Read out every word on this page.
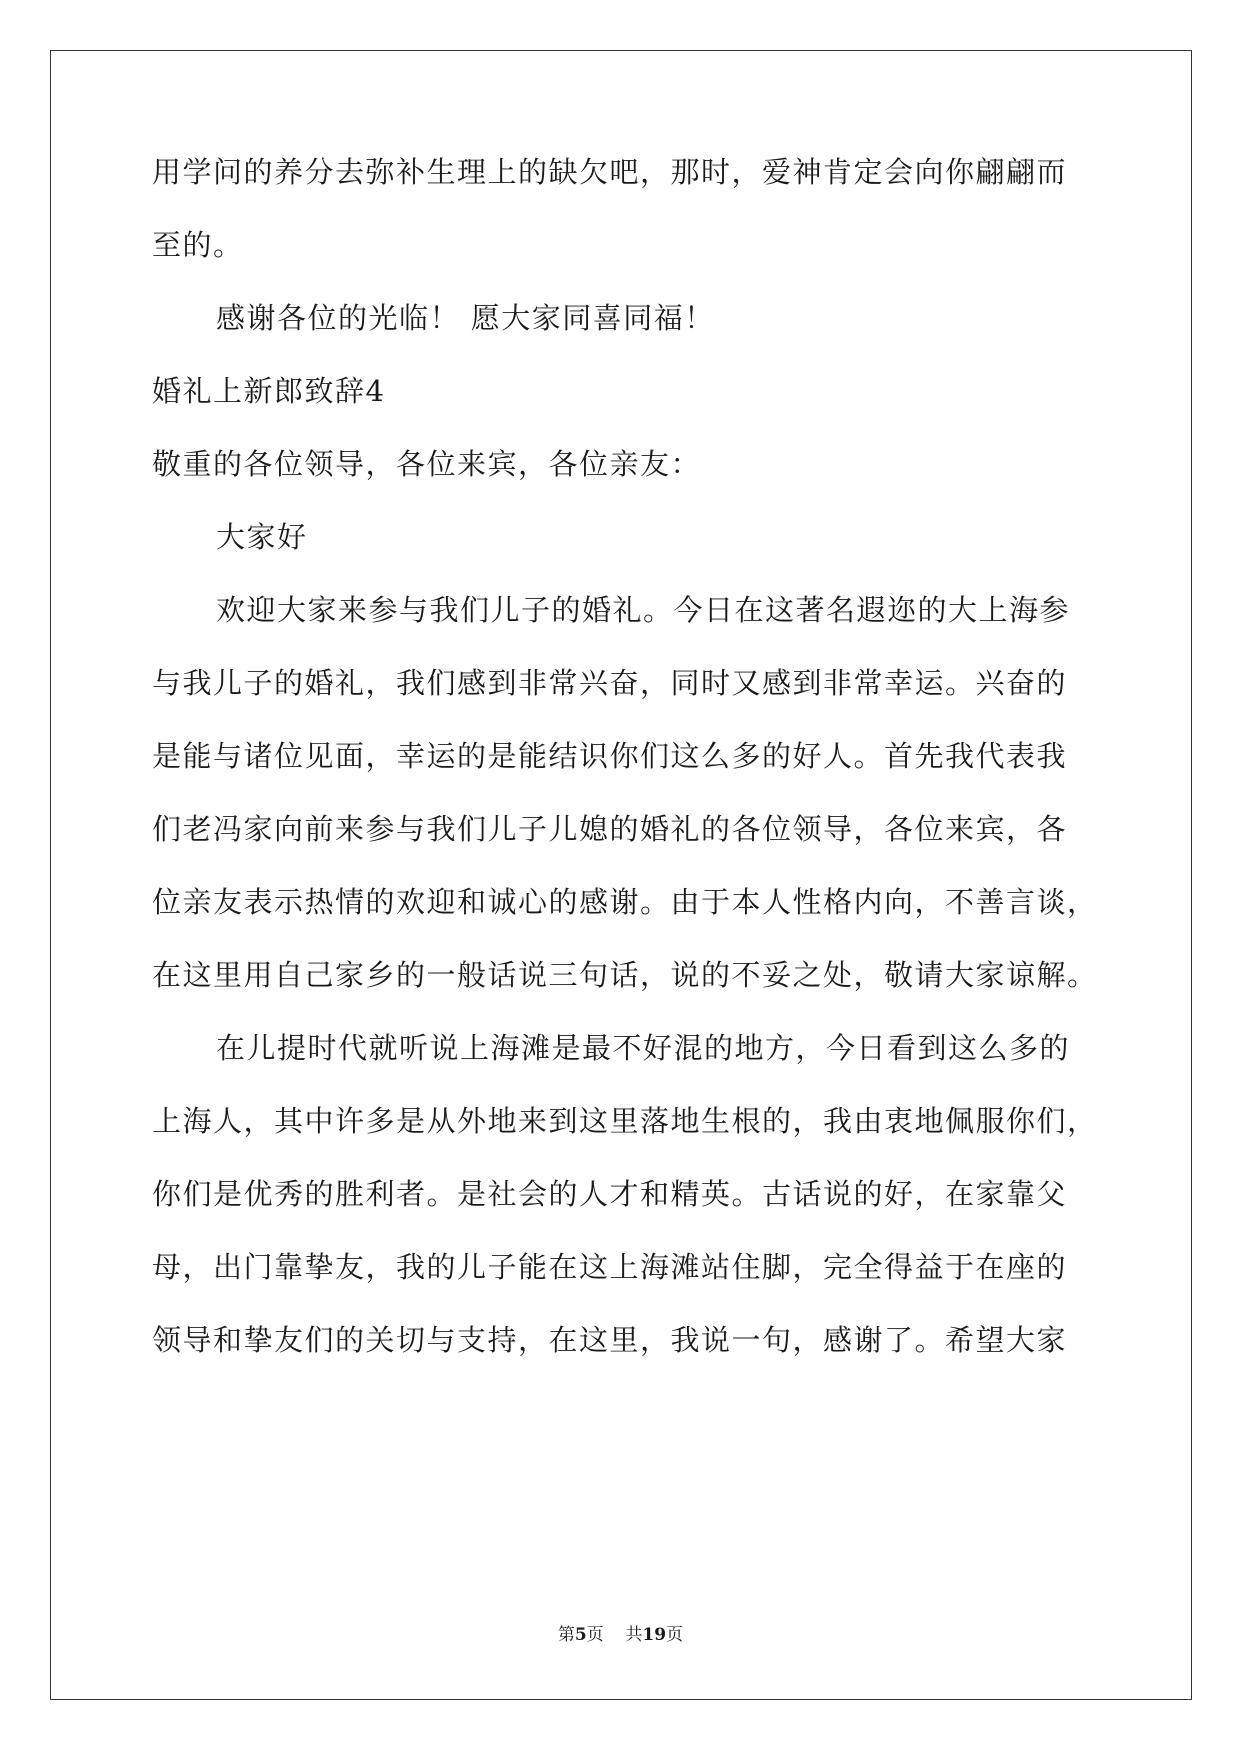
用学问的养分去弥补生理上的缺欠吧，那时，爱神肯定会向你翩翩而
至的。
感谢各位的光临！ 愿大家同喜同福！
婚礼上新郎致辞4
敬重的各位领导，各位来宾，各位亲友：
大家好
欢迎大家来参与我们儿子的婚礼。今日在这著名遐迩的大上海参
与我儿子的婚礼，我们感到非常兴奋，同时又感到非常幸运。兴奋的
是能与诸位见面，幸运的是能结识你们这么多的好人。首先我代表我
们老冯家向前来参与我们儿子儿媳的婚礼的各位领导，各位来宾，各
位亲友表示热情的欢迎和诚心的感谢。由于本人性格内向，不善言谈，
在这里用自己家乡的一般话说三句话，说的不妥之处，敬请大家谅解。
在儿提时代就听说上海滩是最不好混的地方，今日看到这么多的
上海人，其中许多是从外地来到这里落地生根的，我由衷地佩服你们，
你们是优秀的胜利者。是社会的人才和精英。古话说的好，在家靠父
母，出门靠挚友，我的儿子能在这上海滩站住脚，完全得益于在座的
领导和挚友们的关切与支持，在这里，我说一句，感谢了。希望大家
第5页 共19页
